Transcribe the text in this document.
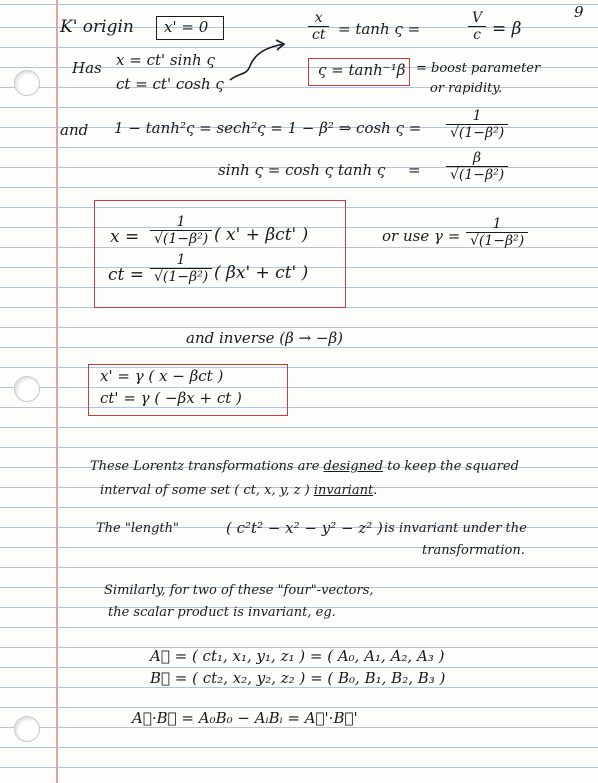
9
K' origin x' = 0
Has x = ct' sinh ς
ct = ct' cosh ς
x
ct = tanh ς =
V
c = β
ς = tanh⁻¹β = boost parameter
or rapidity.
and 1 − tanh²ς = sech²ς = 1 − β² ⇒ cosh ς =
1
√(1−β²)
sinh ς = cosh ς tanh ς =
β
√(1−β²)
x =
1
√(1−β²) ( x' + βct' )
ct =
1
√(1−β²) ( βx' + ct' )
or use γ =
1
√(1−β²)
and inverse (β → −β)
x' = γ ( x − βct )
ct' = γ ( −βx + ct )
These Lorentz transformations are designed to keep the squared
interval of some set ( ct, x, y, z ) invariant.
The "length"	( c²t² − x² − y² − z² ) is invariant under the
transformation.
Similarly, for two of these "four"-vectors,
the scalar product is invariant, eg.
A⃗ = ( ct₁, x₁, y₁, z₁ ) = ( A₀, A₁, A₂, A₃ )
B⃗ = ( ct₂, x₂, y₂, z₂ ) = ( B₀, B₁, B₂, B₃ )
A⃗·B⃗ = A₀B₀ − AᵢBᵢ = A⃗'·B⃗'
